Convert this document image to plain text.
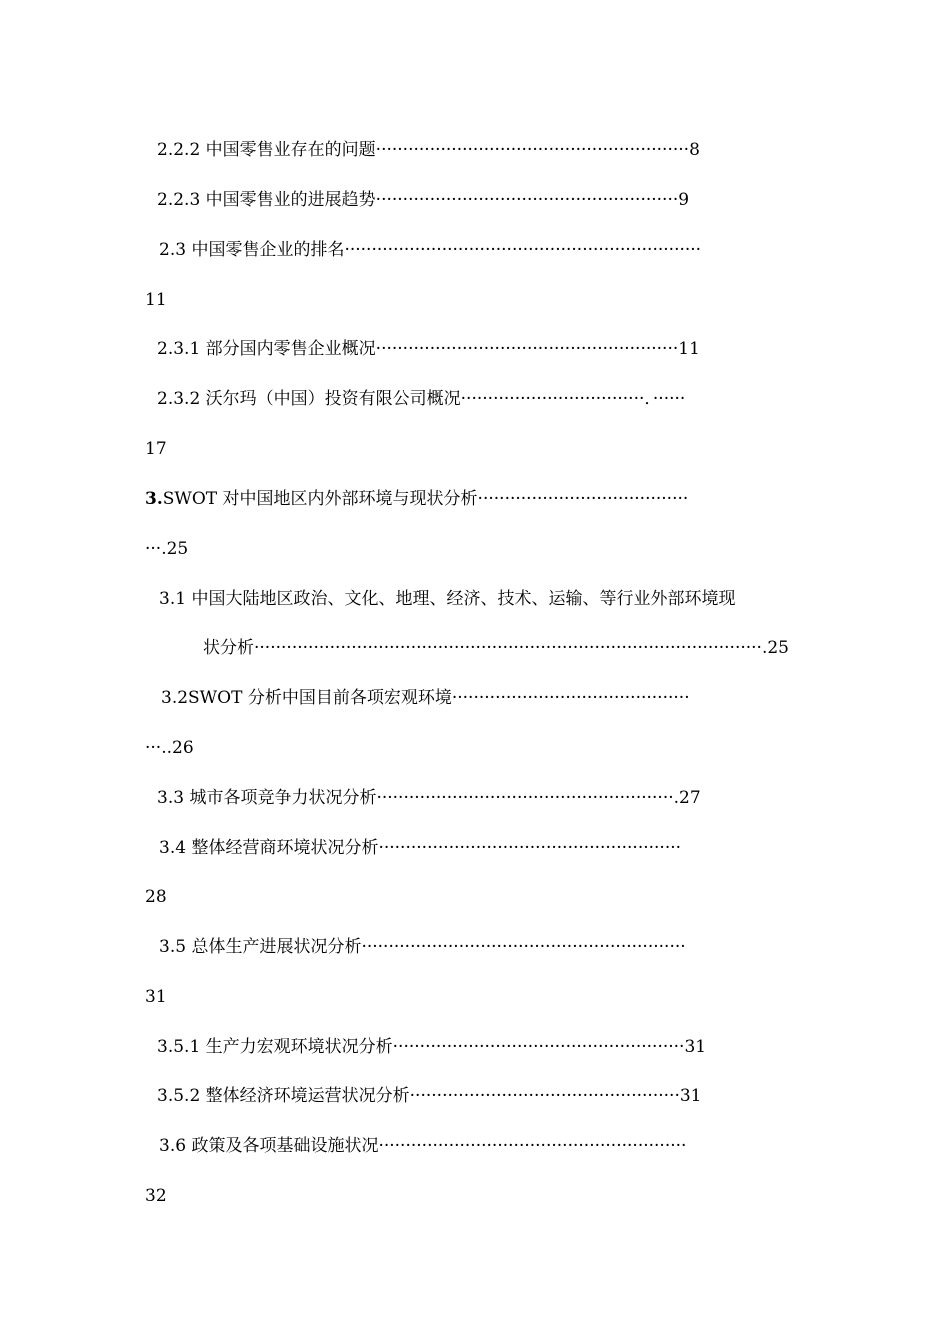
2.2.2 中国零售业存在的问题··························································8
2.2.3 中国零售业的进展趋势························································9
2.3 中国零售企业的排名··································································
11
2.3.1 部分国内零售企业概况························································11
2.3.2 沃尔玛（中国）投资有限公司概况··································．······
17
3.SWOT 对中国地区内外部环境与现状分析·······································
···.25
3.1 中国大陆地区政治、文化、地理、经济、技术、运输、等行业外部环境现
状分析······························································································.25
3.2SWOT 分析中国目前各项宏观环境············································
···..26
3.3 城市各项竞争力状况分析·······················································.27
3.4 整体经营商环境状况分析························································
28
3.5 总体生产进展状况分析····························································
31
3.5.1 生产力宏观环境状况分析······················································31
3.5.2 整体经济环境运营状况分析··················································31
3.6 政策及各项基础设施状况·························································
32
